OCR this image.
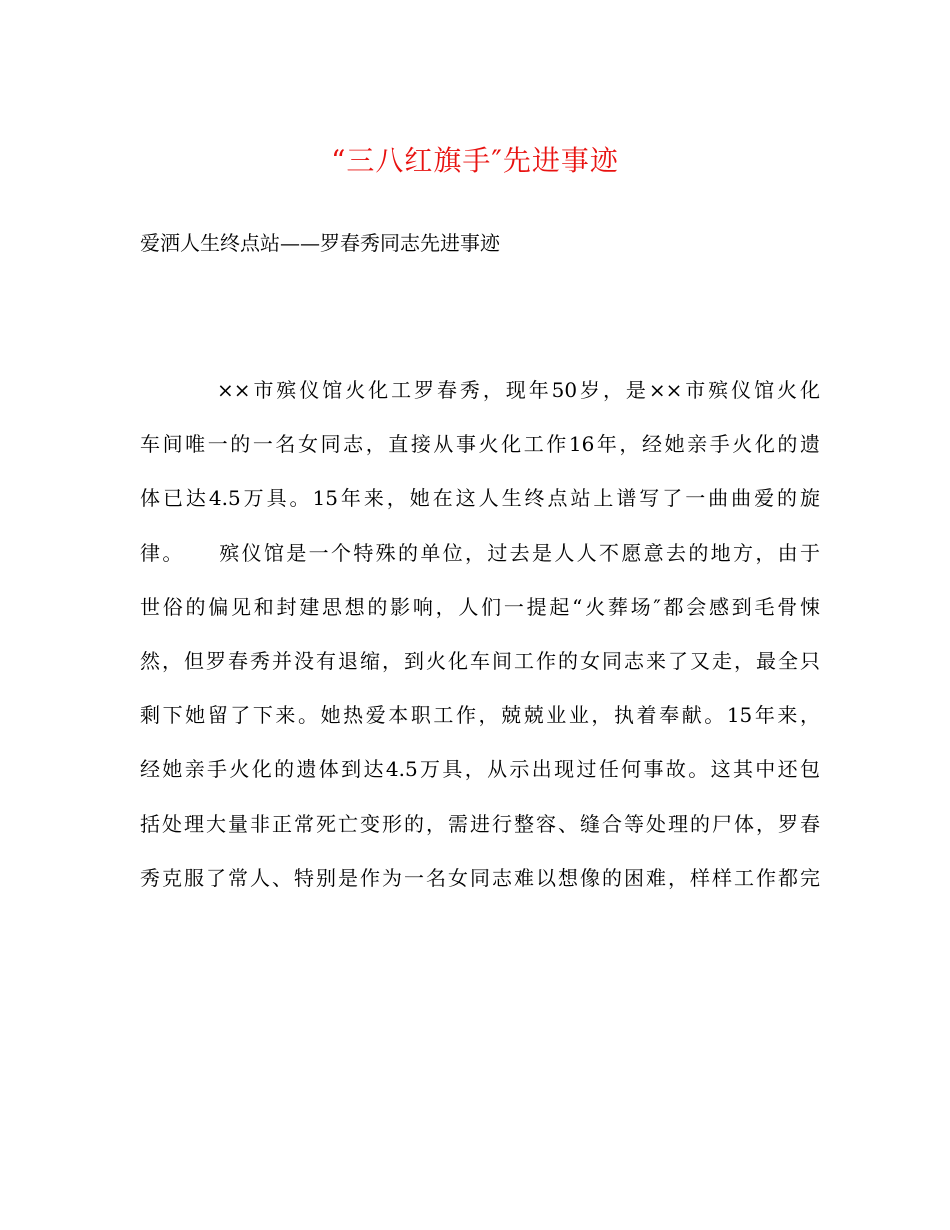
“三八红旗手″先进事迹
爱洒人生终点站——罗春秀同志先进事迹
××市殡仪馆火化工罗春秀，现年50岁，是××市殡仪馆火化
车间唯一的一名女同志，直接从事火化工作16年，经她亲手火化的遗
体已达4.5万具。15年来，她在这人生终点站上谱写了一曲曲爱的旋
律。　　殡仪馆是一个特殊的单位，过去是人人不愿意去的地方，由于
世俗的偏见和封建思想的影响，人们一提起“火葬场″都会感到毛骨悚
然，但罗春秀并没有退缩，到火化车间工作的女同志来了又走，最全只
剩下她留了下来。她热爱本职工作，兢兢业业，执着奉献。15年来，
经她亲手火化的遗体到达4.5万具，从示出现过任何事故。这其中还包
括处理大量非正常死亡变形的，需进行整容、缝合等处理的尸体，罗春
秀克服了常人、特别是作为一名女同志难以想像的困难，样样工作都完
